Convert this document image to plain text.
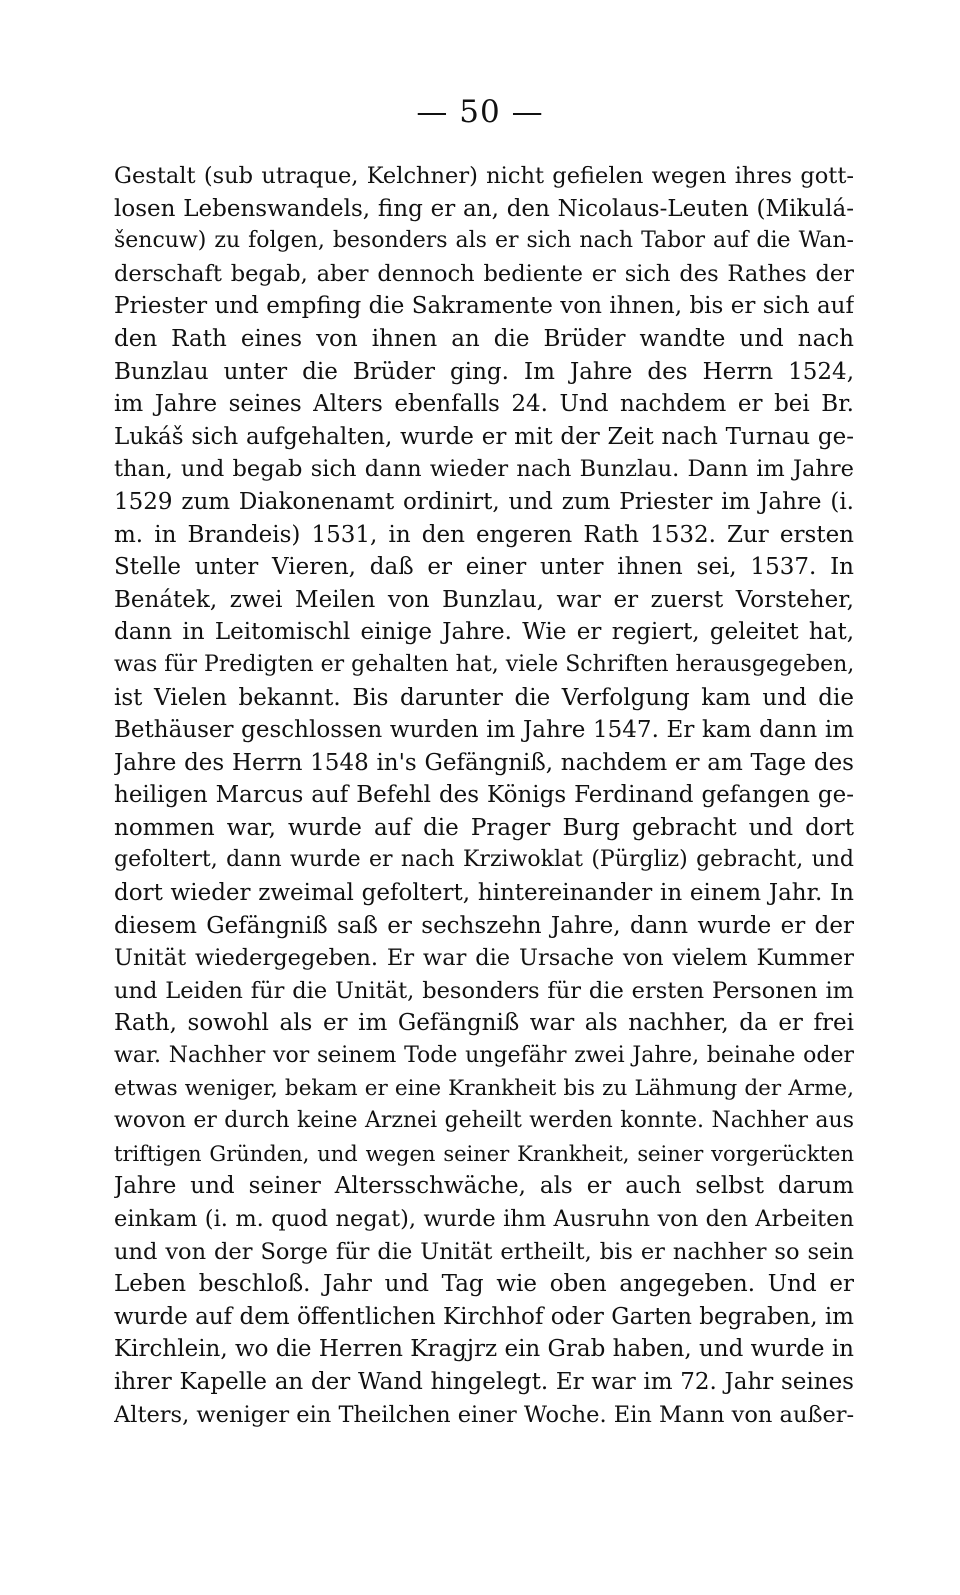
— 50 —
Gestalt (sub utraque, Kelchner) nicht gefielen wegen ihres gott-
losen Lebenswandels, fing er an, den Nicolaus-Leuten (Mikulá-
šencuw) zu folgen, besonders als er sich nach Tabor auf die Wan-
derschaft begab, aber dennoch bediente er sich des Rathes der
Priester und empfing die Sakramente von ihnen, bis er sich auf
den Rath eines von ihnen an die Brüder wandte und nach
Bunzlau unter die Brüder ging. Im Jahre des Herrn 1524,
im Jahre seines Alters ebenfalls 24. Und nachdem er bei Br.
Lukáš sich aufgehalten, wurde er mit der Zeit nach Turnau ge-
than, und begab sich dann wieder nach Bunzlau. Dann im Jahre
1529 zum Diakonenamt ordinirt, und zum Priester im Jahre (i.
m. in Brandeis) 1531, in den engeren Rath 1532. Zur ersten
Stelle unter Vieren, daß er einer unter ihnen sei, 1537. In
Benátek, zwei Meilen von Bunzlau, war er zuerst Vorsteher,
dann in Leitomischl einige Jahre. Wie er regiert, geleitet hat,
was für Predigten er gehalten hat, viele Schriften herausgegeben,
ist Vielen bekannt. Bis darunter die Verfolgung kam und die
Bethäuser geschlossen wurden im Jahre 1547. Er kam dann im
Jahre des Herrn 1548 in's Gefängniß, nachdem er am Tage des
heiligen Marcus auf Befehl des Königs Ferdinand gefangen ge-
nommen war, wurde auf die Prager Burg gebracht und dort
gefoltert, dann wurde er nach Krziwoklat (Pürgliz) gebracht, und
dort wieder zweimal gefoltert, hintereinander in einem Jahr. In
diesem Gefängniß saß er sechszehn Jahre, dann wurde er der
Unität wiedergegeben. Er war die Ursache von vielem Kummer
und Leiden für die Unität, besonders für die ersten Personen im
Rath, sowohl als er im Gefängniß war als nachher, da er frei
war. Nachher vor seinem Tode ungefähr zwei Jahre, beinahe oder
etwas weniger, bekam er eine Krankheit bis zu Lähmung der Arme,
wovon er durch keine Arznei geheilt werden konnte. Nachher aus
triftigen Gründen, und wegen seiner Krankheit, seiner vorgerückten
Jahre und seiner Altersschwäche, als er auch selbst darum
einkam (i. m. quod negat), wurde ihm Ausruhn von den Arbeiten
und von der Sorge für die Unität ertheilt, bis er nachher so sein
Leben beschloß. Jahr und Tag wie oben angegeben. Und er
wurde auf dem öffentlichen Kirchhof oder Garten begraben, im
Kirchlein, wo die Herren Kragjrz ein Grab haben, und wurde in
ihrer Kapelle an der Wand hingelegt. Er war im 72. Jahr seines
Alters, weniger ein Theilchen einer Woche. Ein Mann von außer-
